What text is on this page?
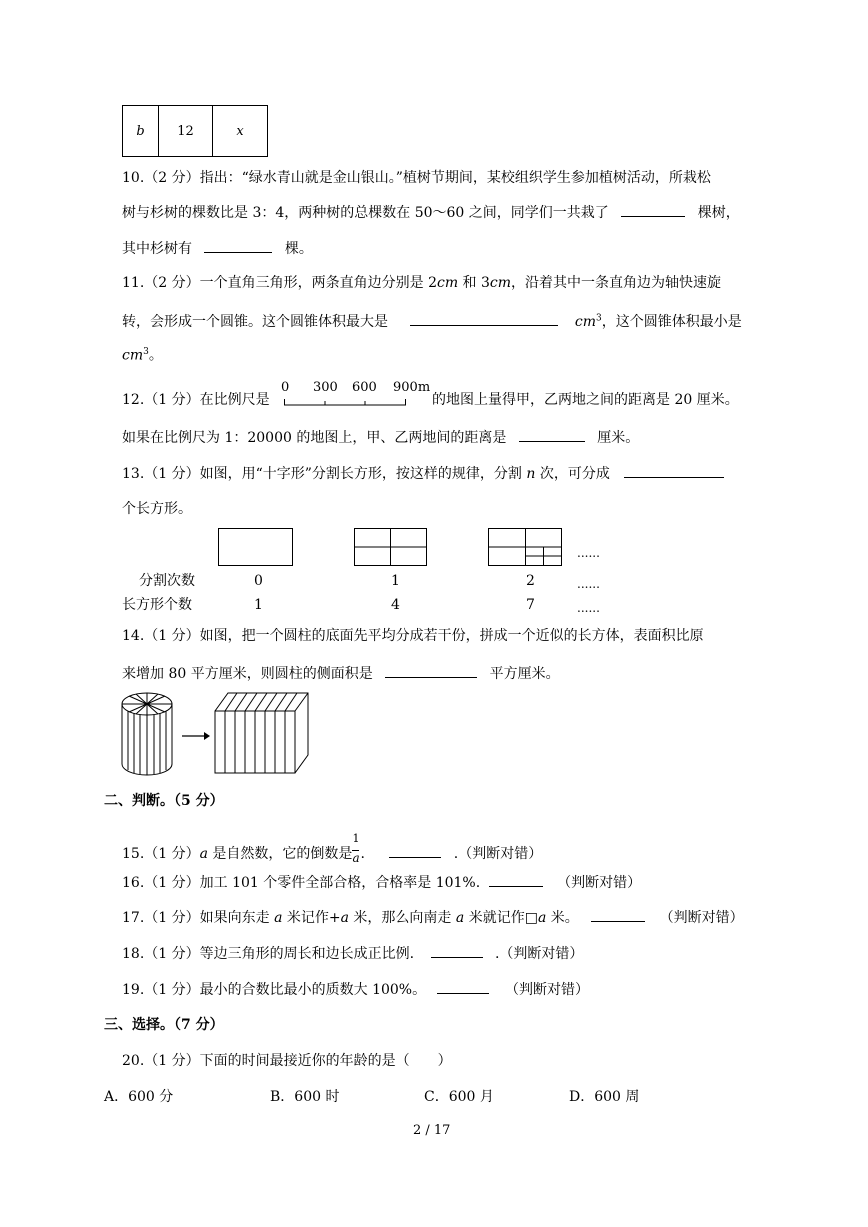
b	12	x
10.（2 分）指出：“绿水青山就是金山银山。”植树节期间，某校组织学生参加植树活动，所栽松
树与杉树的棵数比是 3：4，两种树的总棵数在 50～60 之间，同学们一共栽了	棵树，
其中杉树有	棵。
11.（2 分）一个直角三角形，两条直角边分别是 2cm 和 3cm，沿着其中一条直角边为轴快速旋
转，会形成一个圆锥。这个圆锥体积最大是	$cm^3$，这个圆锥体积最小是
$cm^3$。
12.（1 分）在比例尺是
0 300 600 900m
的地图上量得甲，乙两地之间的距离是 20 厘米。
如果在比例尺为 1：20000 的地图上，甲、乙两地间的距离是	厘米。
13.（1 分）如图，用“十字形”分割长方形，按这样的规律，分割 n 次，可分成
个长方形。
......
分割次数	0	1	2	......
长方形个数	1	4	7	......
14.（1 分）如图，把一个圆柱的底面先平均分成若干份，拼成一个近似的长方体，表面积比原
来增加 80 平方厘米，则圆柱的侧面积是	平方厘米。
二、判断。（5 分）
15.（1 分）a 是自然数，它的倒数是
$\frac{1}{a}$
.	.（判断对错）
16.（1 分）加工 101 个零件全部合格，合格率是 101%.	（判断对错）
17.（1 分）如果向东走 a 米记作+a 米，那么向南走 a 米就记作□a 米。	（判断对错）
18.（1 分）等边三角形的周长和边长成正比例.	.（判断对错）
19.（1 分）最小的合数比最小的质数大 100%。	（判断对错）
三、选择。（7 分）
20.（1 分）下面的时间最接近你的年龄的是（　　）
A．600 分	B．600 时	C．600 月	D．600 周
2 / 17
